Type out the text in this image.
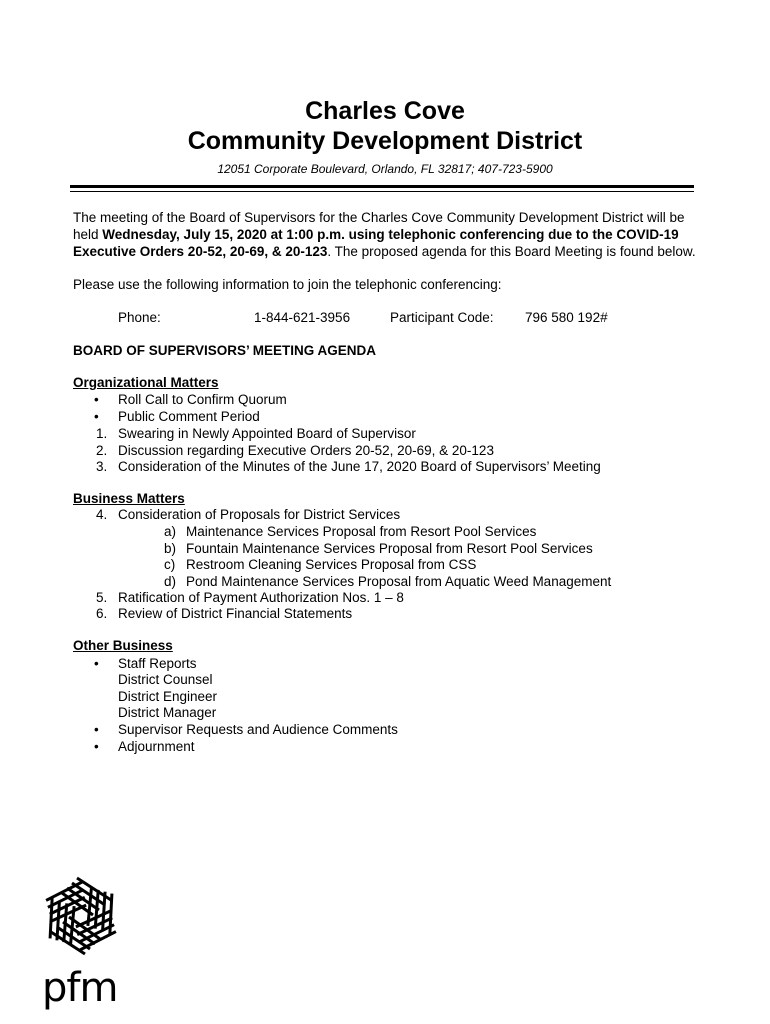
Charles Cove
Community Development District
12051 Corporate Boulevard, Orlando, FL 32817; 407-723-5900
The meeting of the Board of Supervisors for the Charles Cove Community Development District will be held Wednesday, July 15, 2020 at 1:00 p.m. using telephonic conferencing due to the COVID-19 Executive Orders 20-52, 20-69, & 20-123. The proposed agenda for this Board Meeting is found below.
Please use the following information to join the telephonic conferencing:
Phone:	1-844-621-3956	Participant Code: 796 580 192#
BOARD OF SUPERVISORS’ MEETING AGENDA
Organizational Matters
• Roll Call to Confirm Quorum
• Public Comment Period
1. Swearing in Newly Appointed Board of Supervisor
2. Discussion regarding Executive Orders 20-52, 20-69, & 20-123
3. Consideration of the Minutes of the June 17, 2020 Board of Supervisors’ Meeting
Business Matters
4. Consideration of Proposals for District Services
a) Maintenance Services Proposal from Resort Pool Services
b) Fountain Maintenance Services Proposal from Resort Pool Services
c) Restroom Cleaning Services Proposal from CSS
d) Pond Maintenance Services Proposal from Aquatic Weed Management
5. Ratification of Payment Authorization Nos. 1 – 8
6. Review of District Financial Statements
Other Business
• Staff Reports
District Counsel
District Engineer
District Manager
• Supervisor Requests and Audience Comments
• Adjournment
pfm
